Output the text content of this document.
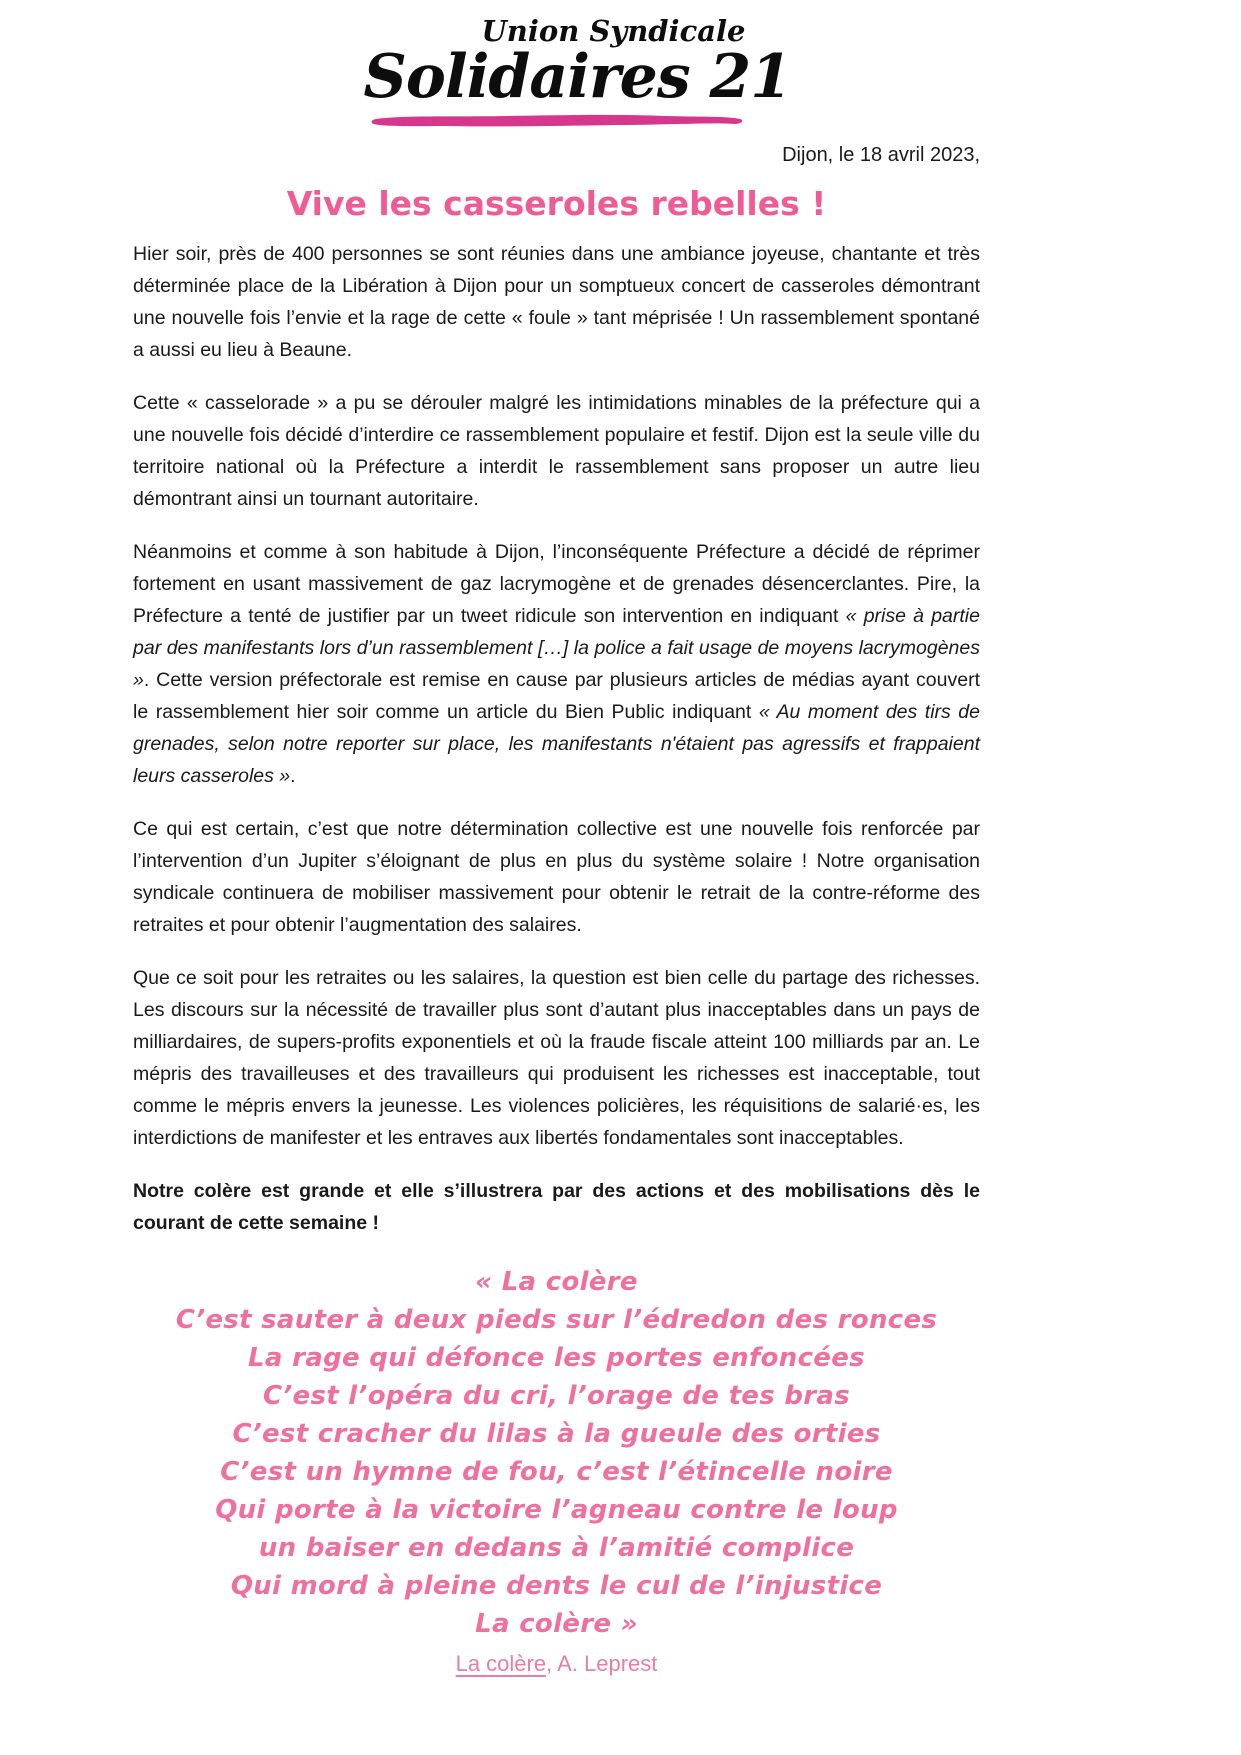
Union Syndicale
Solidaires 21
Dijon, le 18 avril 2023,
Vive les casseroles rebelles !

Hier soir, près de 400 personnes se sont réunies dans une ambiance joyeuse, chantante et très déterminée place de la Libération à Dijon pour un somptueux concert de casseroles démontrant une nouvelle fois l’envie et la rage de cette « foule » tant méprisée ! Un rassemblement spontané a aussi eu lieu à Beaune.

Cette « casselorade » a pu se dérouler malgré les intimidations minables de la préfecture qui a une nouvelle fois décidé d’interdire ce rassemblement populaire et festif. Dijon est la seule ville du territoire national où la Préfecture a interdit le rassemblement sans proposer un autre lieu démontrant ainsi un tournant autoritaire.

Néanmoins et comme à son habitude à Dijon, l’inconséquente Préfecture a décidé de réprimer fortement en usant massivement de gaz lacrymogène et de grenades désencerclantes. Pire, la Préfecture a tenté de justifier par un tweet ridicule son intervention en indiquant « prise à partie par des manifestants lors d’un rassemblement […] la police a fait usage de moyens lacrymogènes ». Cette version préfectorale est remise en cause par plusieurs articles de médias ayant couvert le rassemblement hier soir comme un article du Bien Public indiquant « Au moment des tirs de grenades, selon notre reporter sur place, les manifestants n'étaient pas agressifs et frappaient leurs casseroles ».

Ce qui est certain, c’est que notre détermination collective est une nouvelle fois renforcée par l’intervention d’un Jupiter s’éloignant de plus en plus du système solaire ! Notre organisation syndicale continuera de mobiliser massivement pour obtenir le retrait de la contre-réforme des retraites et pour obtenir l’augmentation des salaires.

Que ce soit pour les retraites ou les salaires, la question est bien celle du partage des richesses. Les discours sur la nécessité de travailler plus sont d’autant plus inacceptables dans un pays de milliardaires, de supers-profits exponentiels et où la fraude fiscale atteint 100 milliards par an. Le mépris des travailleuses et des travailleurs qui produisent les richesses est inacceptable, tout comme le mépris envers la jeunesse. Les violences policières, les réquisitions de salarié·es, les interdictions de manifester et les entraves aux libertés fondamentales sont inacceptables.

Notre colère est grande et elle s’illustrera par des actions et des mobilisations dès le courant de cette semaine !

« La colère
C’est sauter à deux pieds sur l’édredon des ronces
La rage qui défonce les portes enfoncées
C’est l’opéra du cri, l’orage de tes bras
C’est cracher du lilas à la gueule des orties
C’est un hymne de fou, c’est l’étincelle noire
Qui porte à la victoire l’agneau contre le loup
un baiser en dedans à l’amitié complice
Qui mord à pleine dents le cul de l’injustice
La colère »
La colère, A. Leprest
